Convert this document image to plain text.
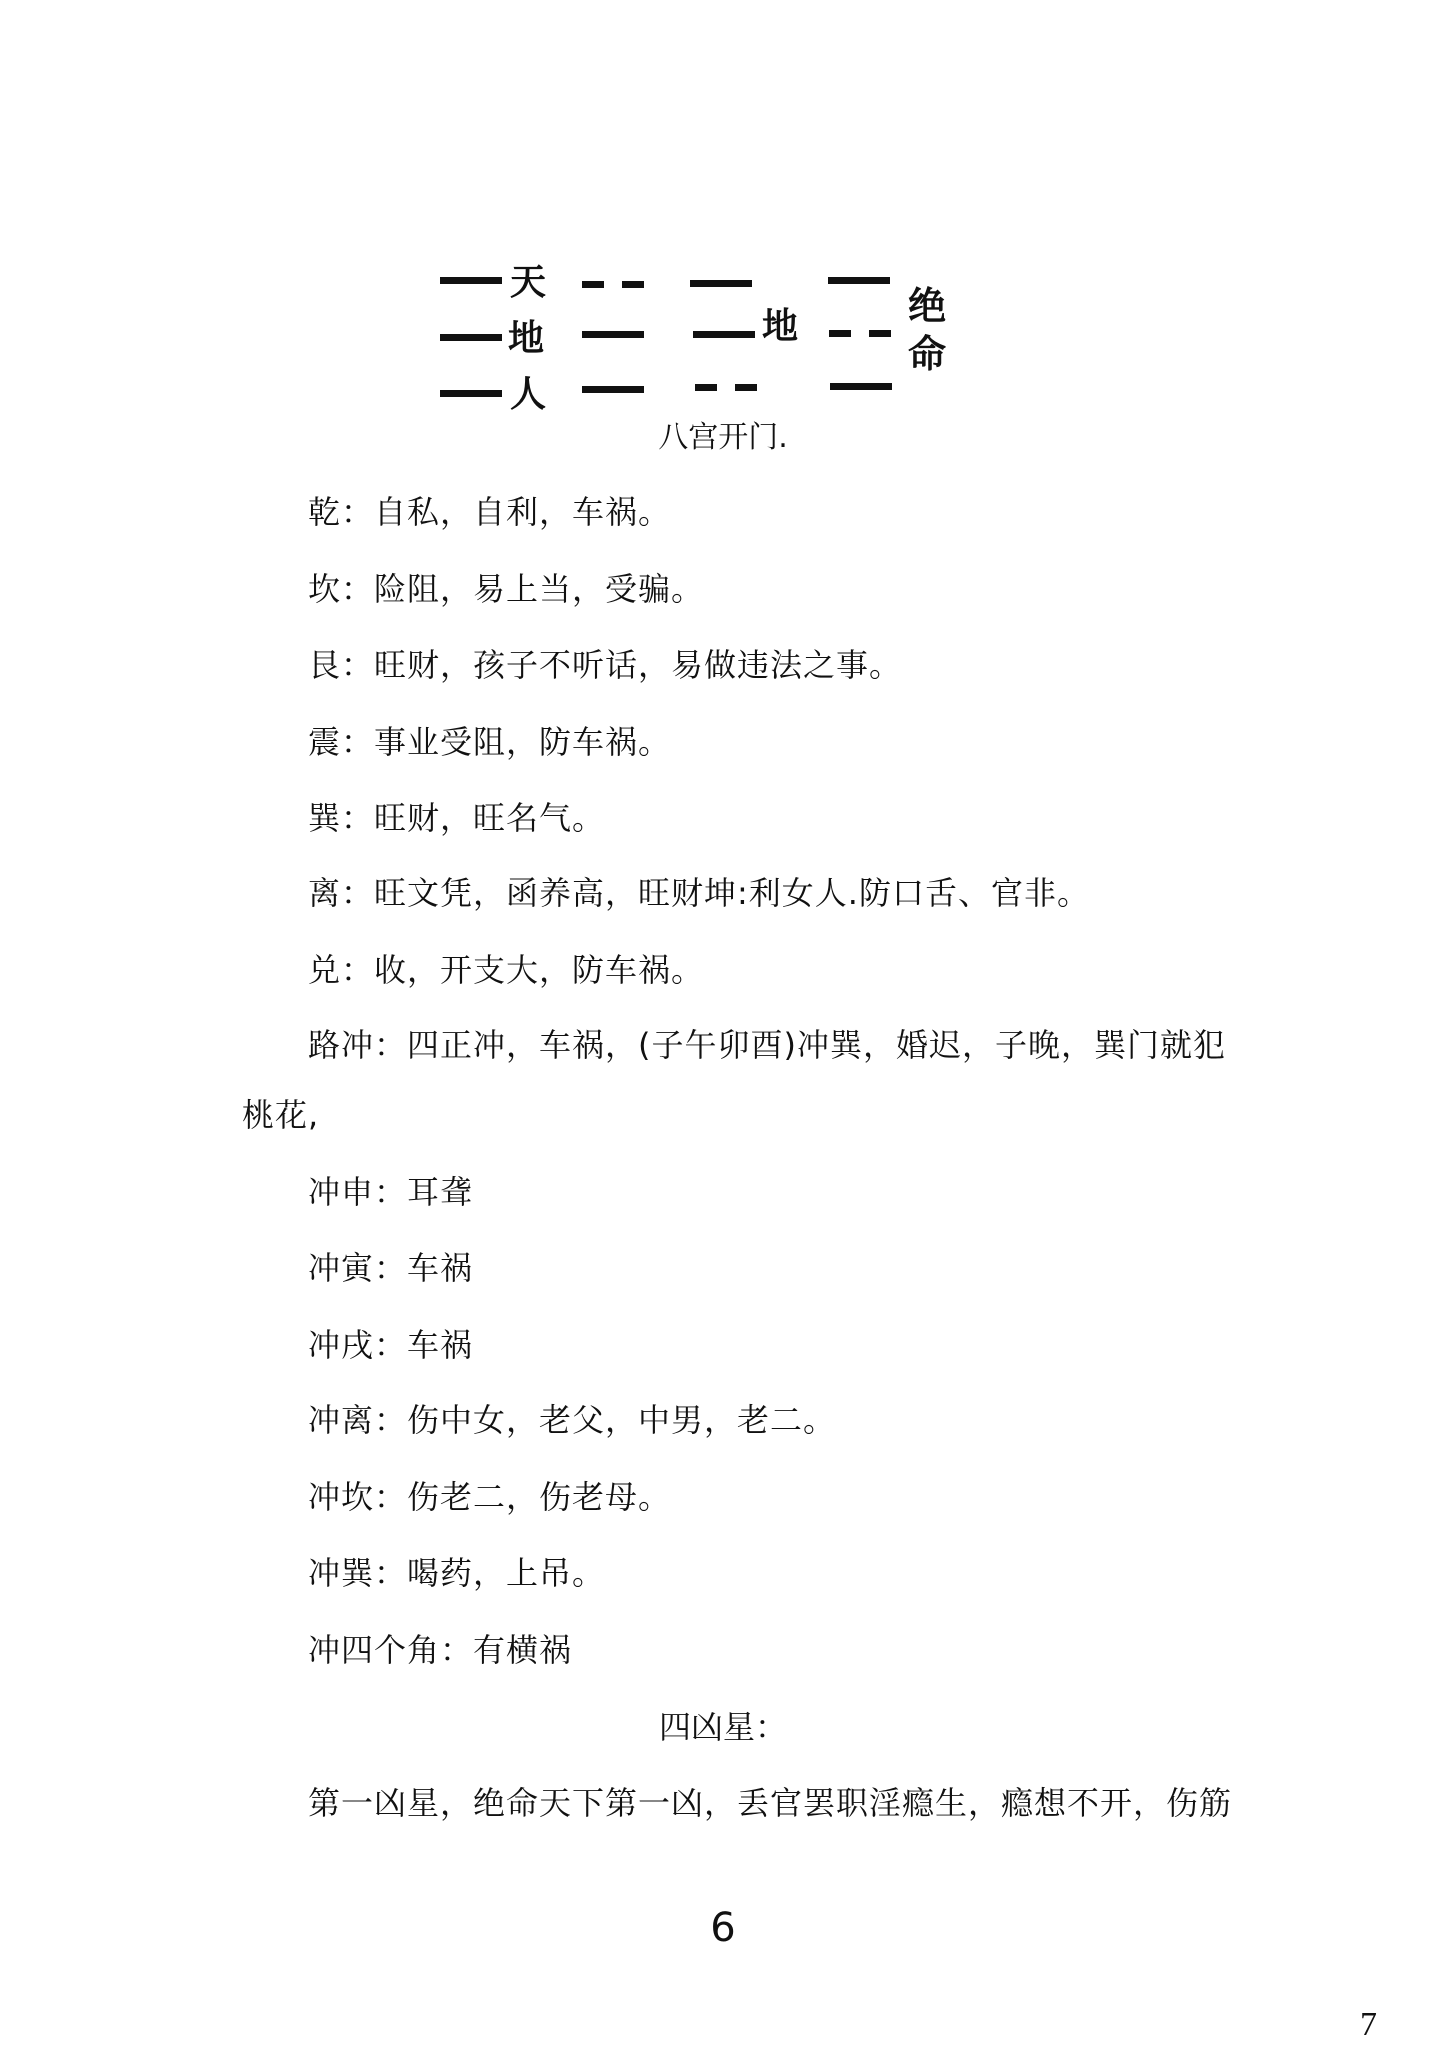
天
地
人
地	绝命
八宫开门.
乾：自私，自利，车祸。
坎：险阻，易上当，受骗。
艮：旺财，孩子不听话，易做违法之事。
震：事业受阻，防车祸。
巽：旺财，旺名气。
离：旺文凭，函养高，旺财坤:利女人.防口舌、官非。
兑：收，开支大，防车祸。
路冲：四正冲，车祸，(子午卯酉)冲巽，婚迟，子晚，巽门就犯
桃花,
冲申：耳聋
冲寅：车祸
冲戌：车祸
冲离：伤中女，老父，中男，老二。
冲坎：伤老二，伤老母。
冲巽：喝药，上吊。
冲四个角：有横祸
四凶星：
第一凶星，绝命天下第一凶，丢官罢职淫瘾生，瘾想不开，伤筋
6
7
